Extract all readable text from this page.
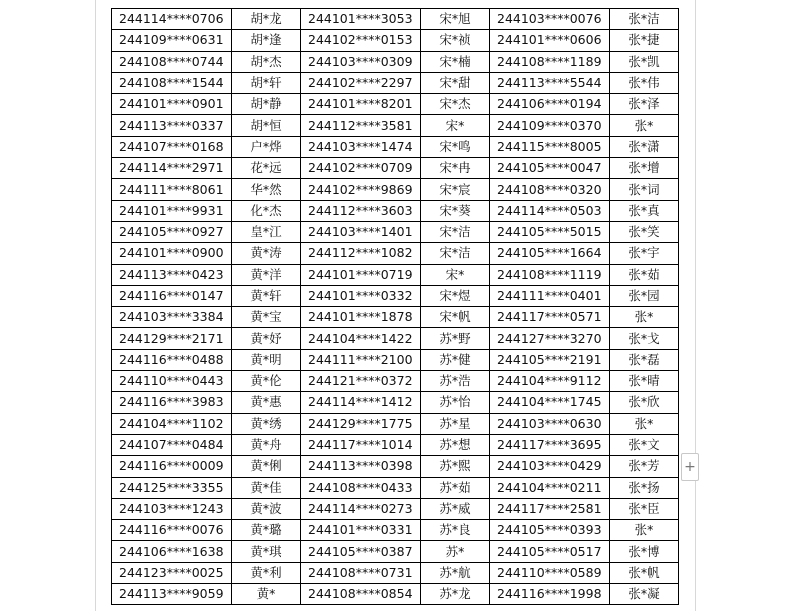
244114****0706	胡*龙	244101****3053	宋*旭	244103****0076	张*洁
244109****0631	胡*逢	244102****0153	宋*祯	244101****0606	张*捷
244108****0744	胡*杰	244103****0309	宋*楠	244108****1189	张*凯
244108****1544	胡*轩	244102****2297	宋*甜	244113****5544	张*伟
244101****0901	胡*静	244101****8201	宋*杰	244106****0194	张*泽
244113****0337	胡*恒	244112****3581	宋*	244109****0370	张*
244107****0168	户*烨	244103****1474	宋*鸣	244115****8005	张*潇
244114****2971	花*远	244102****0709	宋*冉	244105****0047	张*增
244111****8061	华*然	244102****9869	宋*宸	244108****0320	张*词
244101****9931	化*杰	244112****3603	宋*葵	244114****0503	张*真
244105****0927	皇*江	244103****1401	宋*洁	244105****5015	张*笑
244101****0900	黄*涛	244112****1082	宋*洁	244105****1664	张*宇
244113****0423	黄*洋	244101****0719	宋*	244108****1119	张*茹
244116****0147	黄*轩	244101****0332	宋*煜	244111****0401	张*园
244103****3384	黄*宝	244101****1878	宋*帆	244117****0571	张*
244129****2171	黄*妤	244104****1422	苏*野	244127****3270	张*戈
244116****0488	黄*明	244111****2100	苏*健	244105****2191	张*磊
244110****0443	黄*伦	244121****0372	苏*浩	244104****9112	张*晴
244116****3983	黄*惠	244114****1412	苏*怡	244104****1745	张*欣
244104****1102	黄*绣	244129****1775	苏*星	244103****0630	张*
244107****0484	黄*舟	244117****1014	苏*想	244117****3695	张*文
244116****0009	黄*俐	244113****0398	苏*熙	244103****0429	张*芳
244125****3355	黄*佳	244108****0433	苏*茹	244104****0211	张*扬
244103****1243	黄*波	244114****0273	苏*威	244117****2581	张*臣
244116****0076	黄*璐	244101****0331	苏*良	244105****0393	张*
244106****1638	黄*琪	244105****0387	苏*	244105****0517	张*博
244123****0025	黄*利	244108****0731	苏*航	244110****0589	张*帆
244113****9059	黄*	244108****0854	苏*龙	244116****1998	张*凝
+
